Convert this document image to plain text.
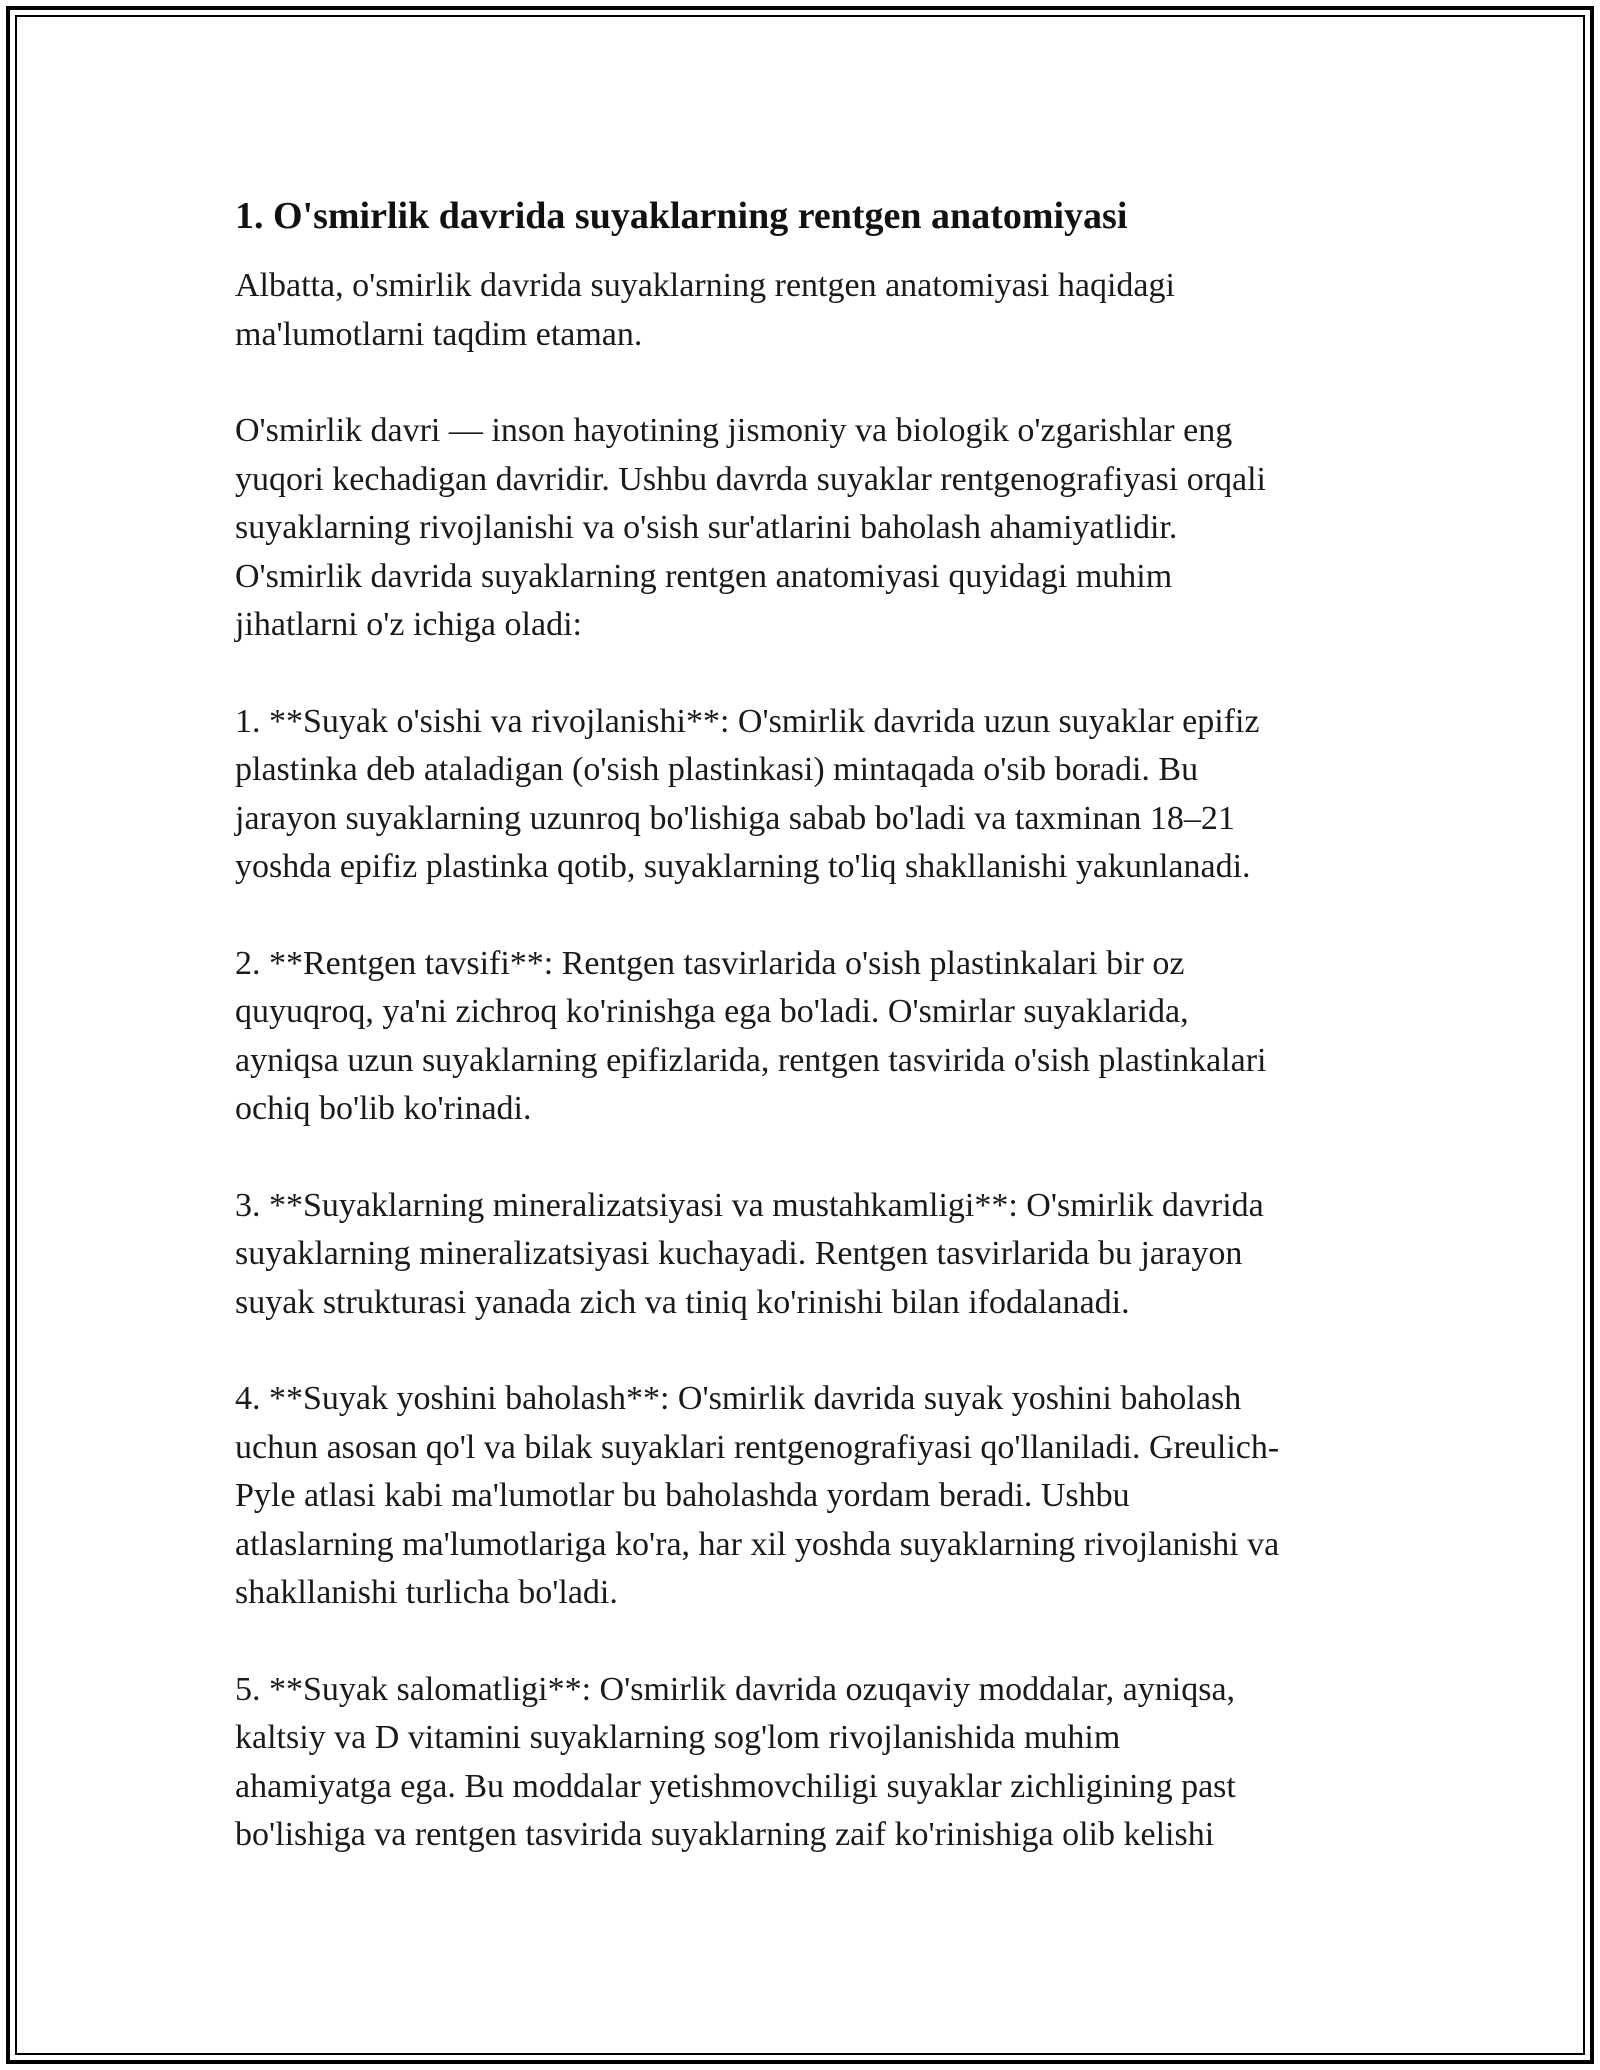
1. O'smirlik davrida suyaklarning rentgen anatomiyasi

Albatta, o'smirlik davrida suyaklarning rentgen anatomiyasi haqidagi
ma'lumotlarni taqdim etaman.

O'smirlik davri — inson hayotining jismoniy va biologik o'zgarishlar eng
yuqori kechadigan davridir. Ushbu davrda suyaklar rentgenografiyasi orqali
suyaklarning rivojlanishi va o'sish sur'atlarini baholash ahamiyatlidir.
O'smirlik davrida suyaklarning rentgen anatomiyasi quyidagi muhim
jihatlarni o'z ichiga oladi:

1. **Suyak o'sishi va rivojlanishi**: O'smirlik davrida uzun suyaklar epifiz
plastinka deb ataladigan (o'sish plastinkasi) mintaqada o'sib boradi. Bu
jarayon suyaklarning uzunroq bo'lishiga sabab bo'ladi va taxminan 18–21
yoshda epifiz plastinka qotib, suyaklarning to'liq shakllanishi yakunlanadi.

2. **Rentgen tavsifi**: Rentgen tasvirlarida o'sish plastinkalari bir oz
quyuqroq, ya'ni zichroq ko'rinishga ega bo'ladi. O'smirlar suyaklarida,
ayniqsa uzun suyaklarning epifizlarida, rentgen tasvirida o'sish plastinkalari
ochiq bo'lib ko'rinadi.

3. **Suyaklarning mineralizatsiyasi va mustahkamligi**: O'smirlik davrida
suyaklarning mineralizatsiyasi kuchayadi. Rentgen tasvirlarida bu jarayon
suyak strukturasi yanada zich va tiniq ko'rinishi bilan ifodalanadi.

4. **Suyak yoshini baholash**: O'smirlik davrida suyak yoshini baholash
uchun asosan qo'l va bilak suyaklari rentgenografiyasi qo'llaniladi. Greulich-
Pyle atlasi kabi ma'lumotlar bu baholashda yordam beradi. Ushbu
atlaslarning ma'lumotlariga ko'ra, har xil yoshda suyaklarning rivojlanishi va
shakllanishi turlicha bo'ladi.

5. **Suyak salomatligi**: O'smirlik davrida ozuqaviy moddalar, ayniqsa,
kaltsiy va D vitamini suyaklarning sog'lom rivojlanishida muhim
ahamiyatga ega. Bu moddalar yetishmovchiligi suyaklar zichligining past
bo'lishiga va rentgen tasvirida suyaklarning zaif ko'rinishiga olib kelishi
